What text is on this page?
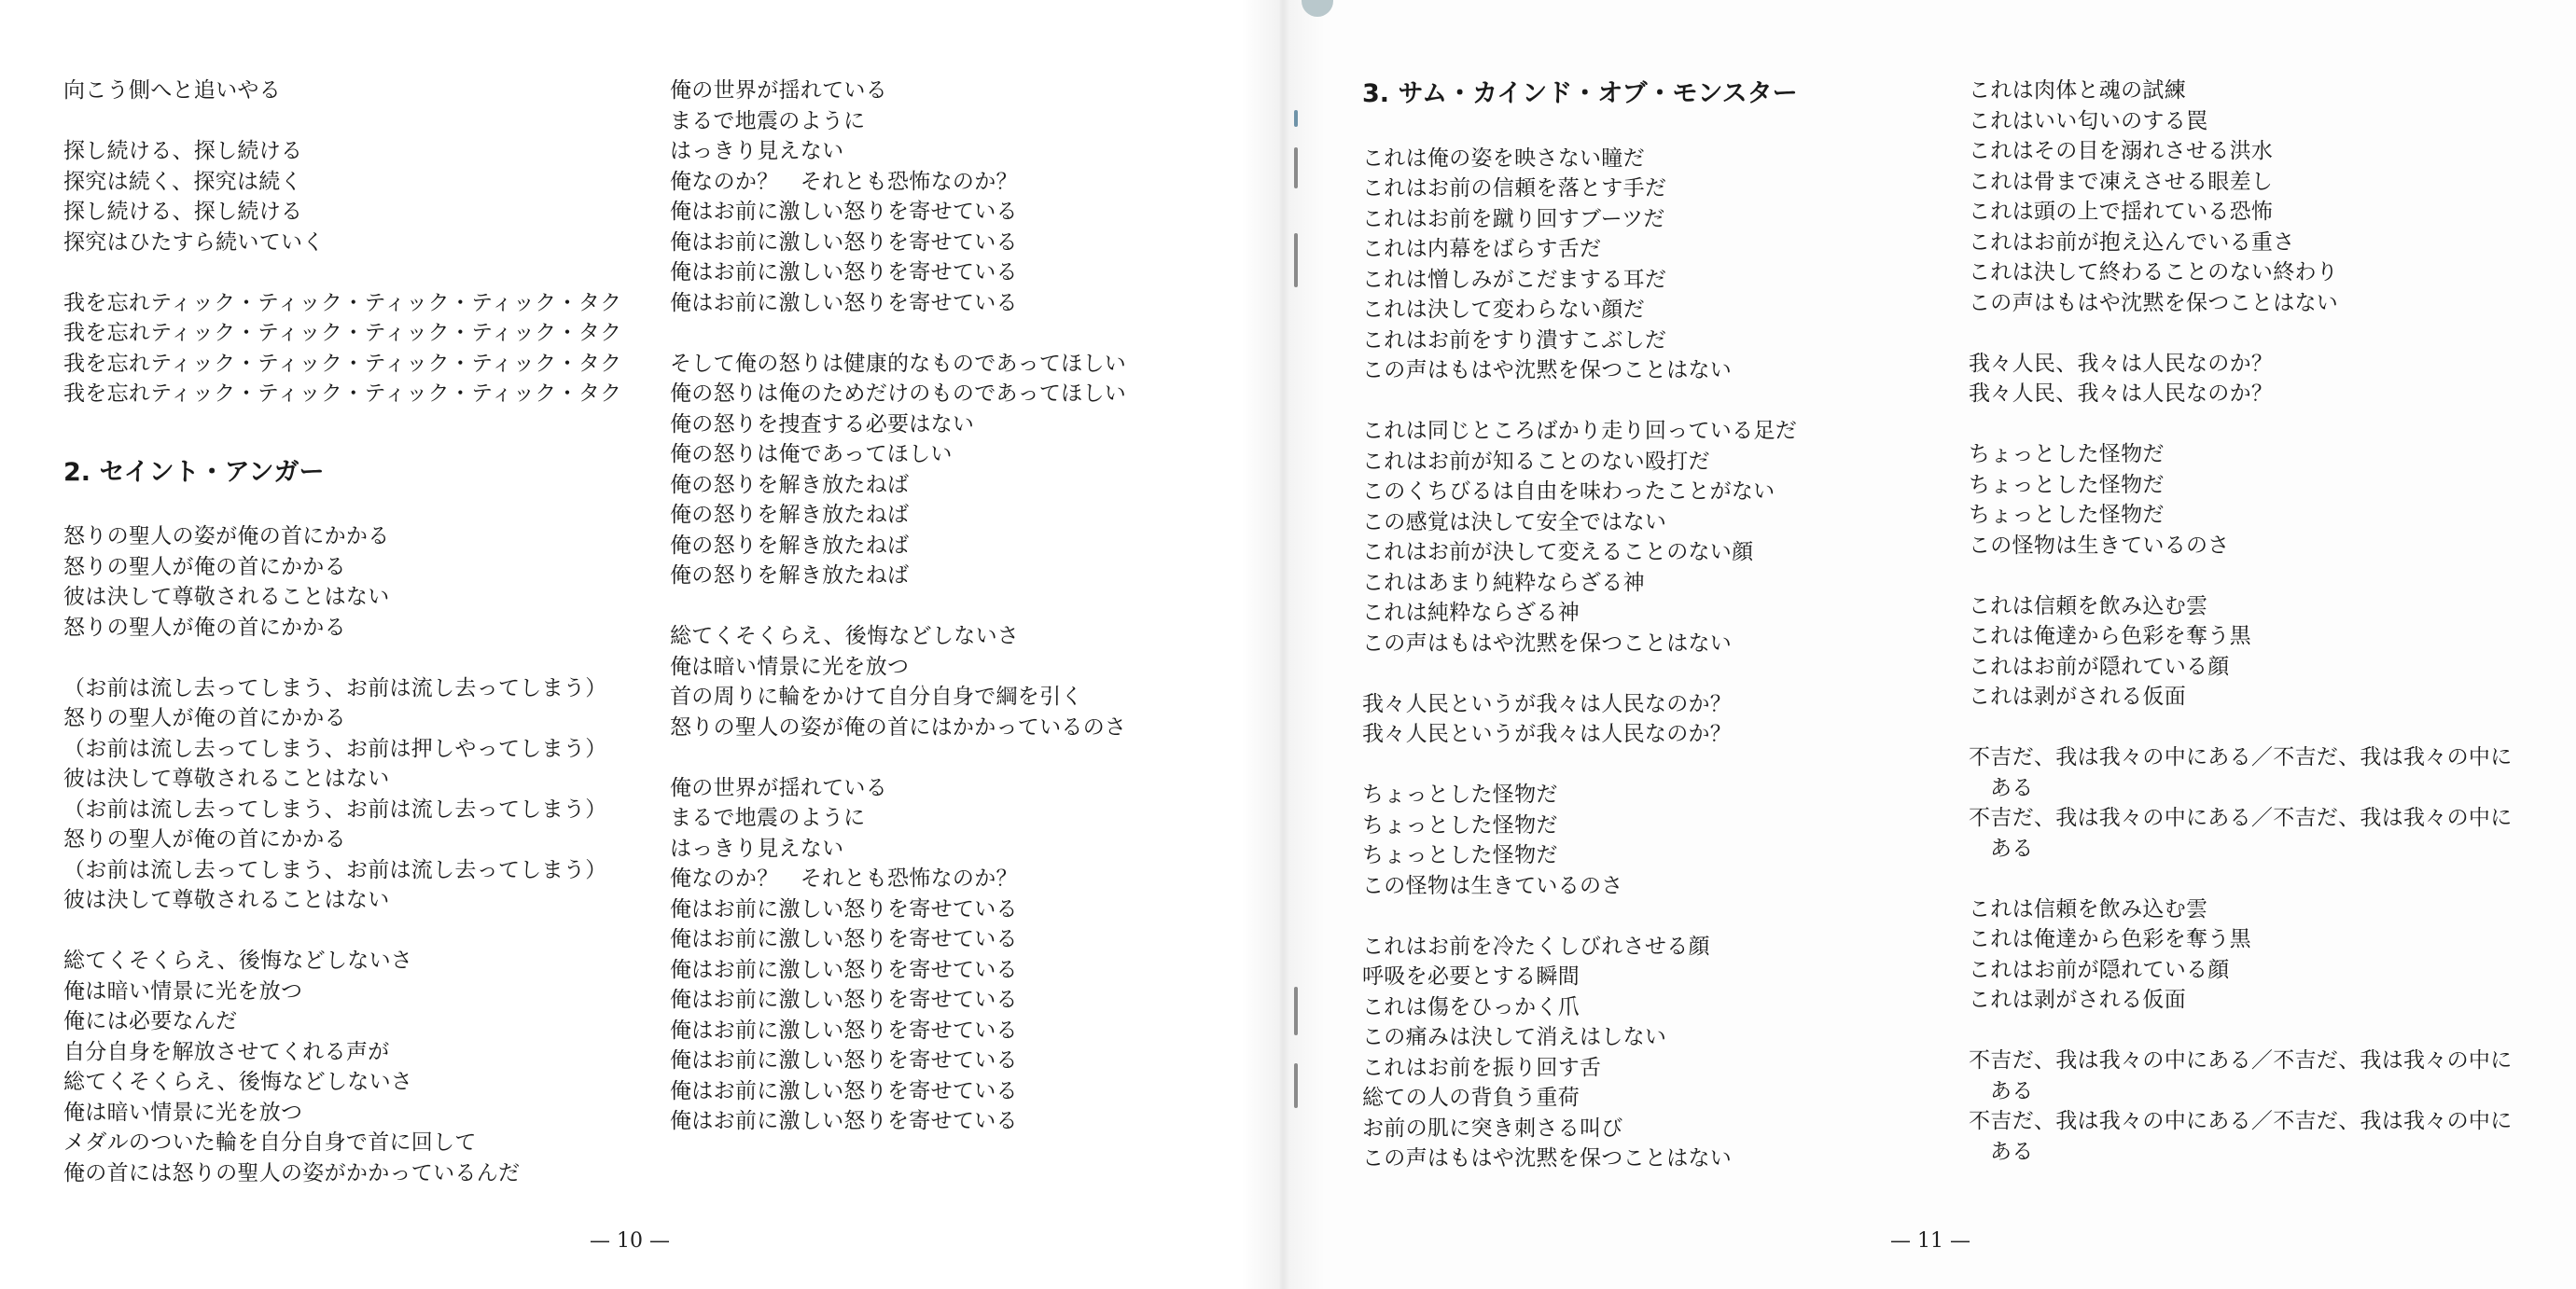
向こう側へと追いやる
探し続ける、探し続ける
探究は続く、探究は続く
探し続ける、探し続ける
探究はひたすら続いていく
我を忘れティック・ティック・ティック・ティック・タク
我を忘れティック・ティック・ティック・ティック・タク
我を忘れティック・ティック・ティック・ティック・タク
我を忘れティック・ティック・ティック・ティック・タク
2. セイント・アンガー
怒りの聖人の姿が俺の首にかかる
怒りの聖人が俺の首にかかる
彼は決して尊敬されることはない
怒りの聖人が俺の首にかかる
（お前は流し去ってしまう、お前は流し去ってしまう）
怒りの聖人が俺の首にかかる
（お前は流し去ってしまう、お前は押しやってしまう）
彼は決して尊敬されることはない
（お前は流し去ってしまう、お前は流し去ってしまう）
怒りの聖人が俺の首にかかる
（お前は流し去ってしまう、お前は流し去ってしまう）
彼は決して尊敬されることはない
総てくそくらえ、後悔などしないさ
俺は暗い情景に光を放つ
俺には必要なんだ
自分自身を解放させてくれる声が
総てくそくらえ、後悔などしないさ
俺は暗い情景に光を放つ
メダルのついた輪を自分自身で首に回して
俺の首には怒りの聖人の姿がかかっているんだ
俺の世界が揺れている
まるで地震のように
はっきり見えない
俺なのか？　それとも恐怖なのか？
俺はお前に激しい怒りを寄せている
俺はお前に激しい怒りを寄せている
俺はお前に激しい怒りを寄せている
俺はお前に激しい怒りを寄せている
そして俺の怒りは健康的なものであってほしい
俺の怒りは俺のためだけのものであってほしい
俺の怒りを捜査する必要はない
俺の怒りは俺であってほしい
俺の怒りを解き放たねば
俺の怒りを解き放たねば
俺の怒りを解き放たねば
俺の怒りを解き放たねば
総てくそくらえ、後悔などしないさ
俺は暗い情景に光を放つ
首の周りに輪をかけて自分自身で綱を引く
怒りの聖人の姿が俺の首にはかかっているのさ
俺の世界が揺れている
まるで地震のように
はっきり見えない
俺なのか？　それとも恐怖なのか？
俺はお前に激しい怒りを寄せている
俺はお前に激しい怒りを寄せている
俺はお前に激しい怒りを寄せている
俺はお前に激しい怒りを寄せている
俺はお前に激しい怒りを寄せている
俺はお前に激しい怒りを寄せている
俺はお前に激しい怒りを寄せている
俺はお前に激しい怒りを寄せている
3. サム・カインド・オブ・モンスター
これは俺の姿を映さない瞳だ
これはお前の信頼を落とす手だ
これはお前を蹴り回すブーツだ
これは内幕をばらす舌だ
これは憎しみがこだまする耳だ
これは決して変わらない顔だ
これはお前をすり潰すこぶしだ
この声はもはや沈黙を保つことはない
これは同じところばかり走り回っている足だ
これはお前が知ることのない殴打だ
このくちびるは自由を味わったことがない
この感覚は決して安全ではない
これはお前が決して変えることのない顔
これはあまり純粋ならざる神
これは純粋ならざる神
この声はもはや沈黙を保つことはない
我々人民というが我々は人民なのか？
我々人民というが我々は人民なのか？
ちょっとした怪物だ
ちょっとした怪物だ
ちょっとした怪物だ
この怪物は生きているのさ
これはお前を冷たくしびれさせる顔
呼吸を必要とする瞬間
これは傷をひっかく爪
この痛みは決して消えはしない
これはお前を振り回す舌
総ての人の背負う重荷
お前の肌に突き刺さる叫び
この声はもはや沈黙を保つことはない
これは肉体と魂の試練
これはいい匂いのする罠
これはその目を溺れさせる洪水
これは骨まで凍えさせる眼差し
これは頭の上で揺れている恐怖
これはお前が抱え込んでいる重さ
これは決して終わることのない終わり
この声はもはや沈黙を保つことはない
我々人民、我々は人民なのか？
我々人民、我々は人民なのか？
ちょっとした怪物だ
ちょっとした怪物だ
ちょっとした怪物だ
この怪物は生きているのさ
これは信頼を飲み込む雲
これは俺達から色彩を奪う黒
これはお前が隠れている顔
これは剥がされる仮面
不吉だ、我は我々の中にある／不吉だ、我は我々の中に
ある
不吉だ、我は我々の中にある／不吉だ、我は我々の中に
ある
これは信頼を飲み込む雲
これは俺達から色彩を奪う黒
これはお前が隠れている顔
これは剥がされる仮面
不吉だ、我は我々の中にある／不吉だ、我は我々の中に
ある
不吉だ、我は我々の中にある／不吉だ、我は我々の中に
ある
— 10 —	— 11 —
